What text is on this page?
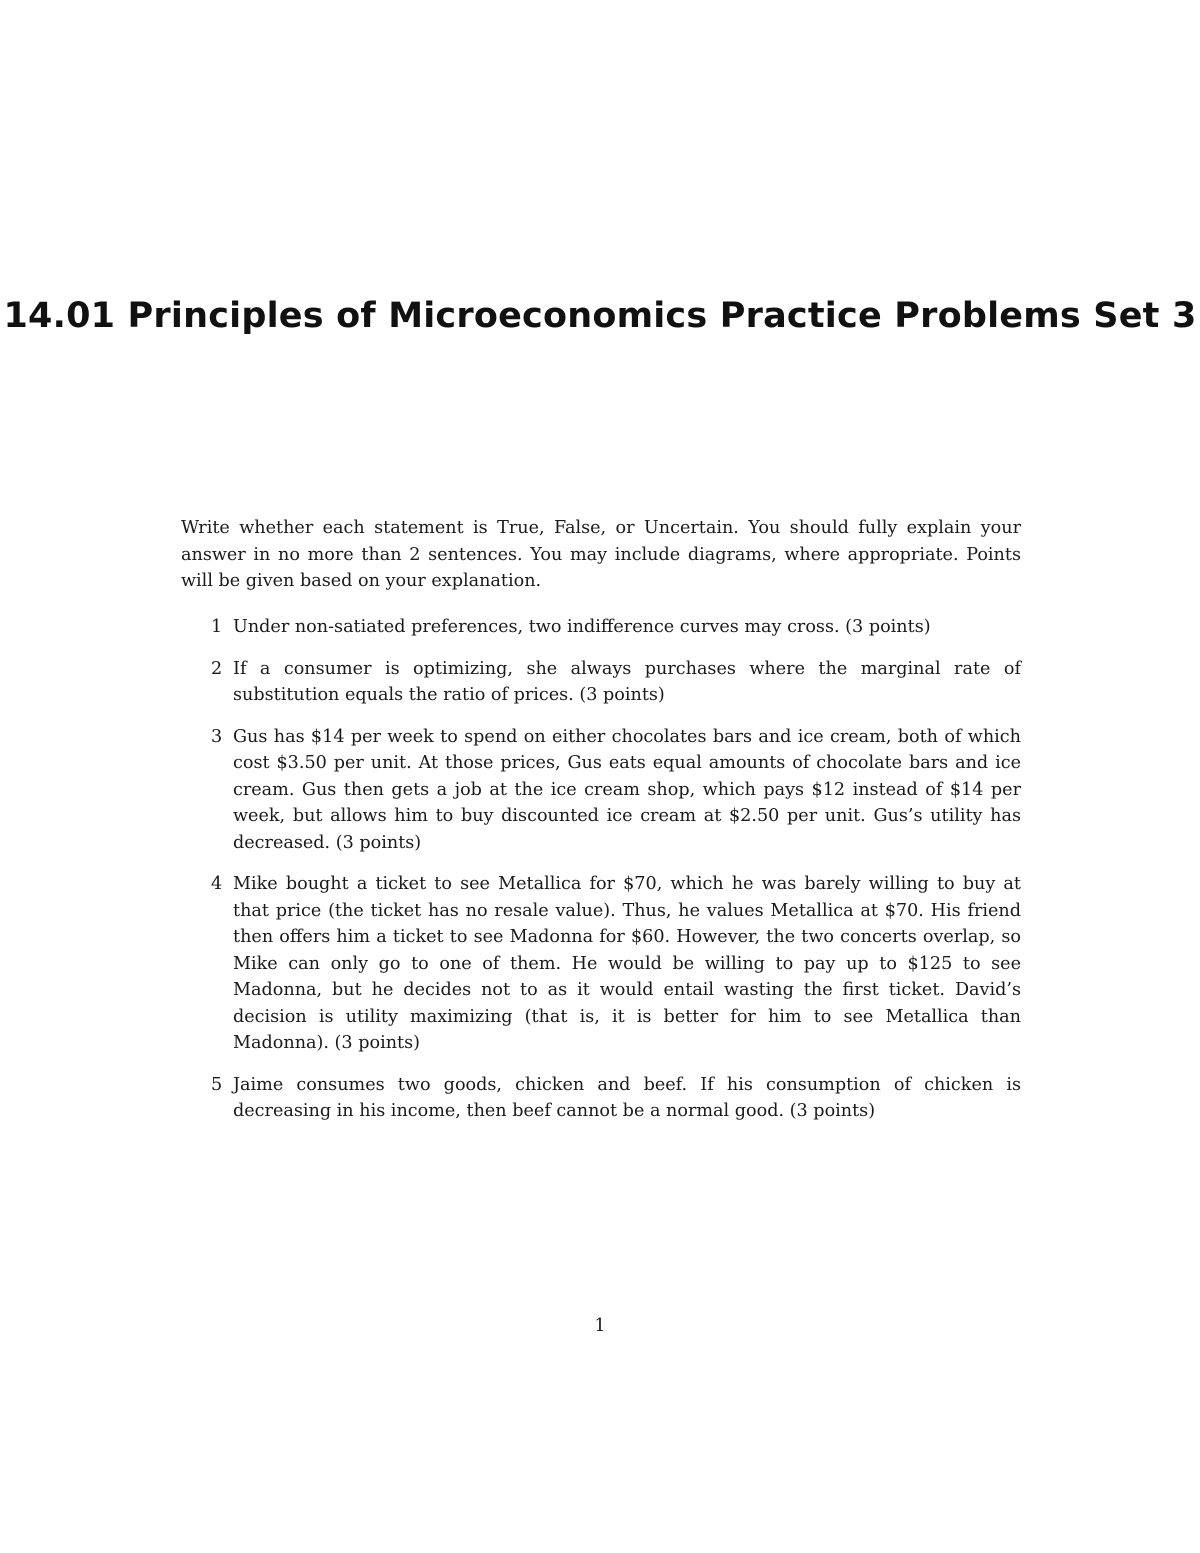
14.01 Principles of Microeconomics Practice Problems Set 3
Write whether each statement is True, False, or Uncertain. You should fully explain your answer in no more than 2 sentences. You may include diagrams, where appropriate. Points will be given based on your explanation.
1 Under non-satiated preferences, two indifference curves may cross. (3 points)
2 If a consumer is optimizing, she always purchases where the marginal rate of substitution equals the ratio of prices. (3 points)
3 Gus has $14 per week to spend on either chocolates bars and ice cream, both of which cost $3.50 per unit. At those prices, Gus eats equal amounts of chocolate bars and ice cream. Gus then gets a job at the ice cream shop, which pays $12 instead of $14 per week, but allows him to buy discounted ice cream at $2.50 per unit. Gus’s utility has decreased. (3 points)
4 Mike bought a ticket to see Metallica for $70, which he was barely willing to buy at that price (the ticket has no resale value). Thus, he values Metallica at $70. His friend then offers him a ticket to see Madonna for $60. However, the two concerts overlap, so Mike can only go to one of them. He would be willing to pay up to $125 to see Madonna, but he decides not to as it would entail wasting the first ticket. David’s decision is utility maximizing (that is, it is better for him to see Metallica than Madonna). (3 points)
5 Jaime consumes two goods, chicken and beef. If his consumption of chicken is decreasing in his income, then beef cannot be a normal good. (3 points)
1
